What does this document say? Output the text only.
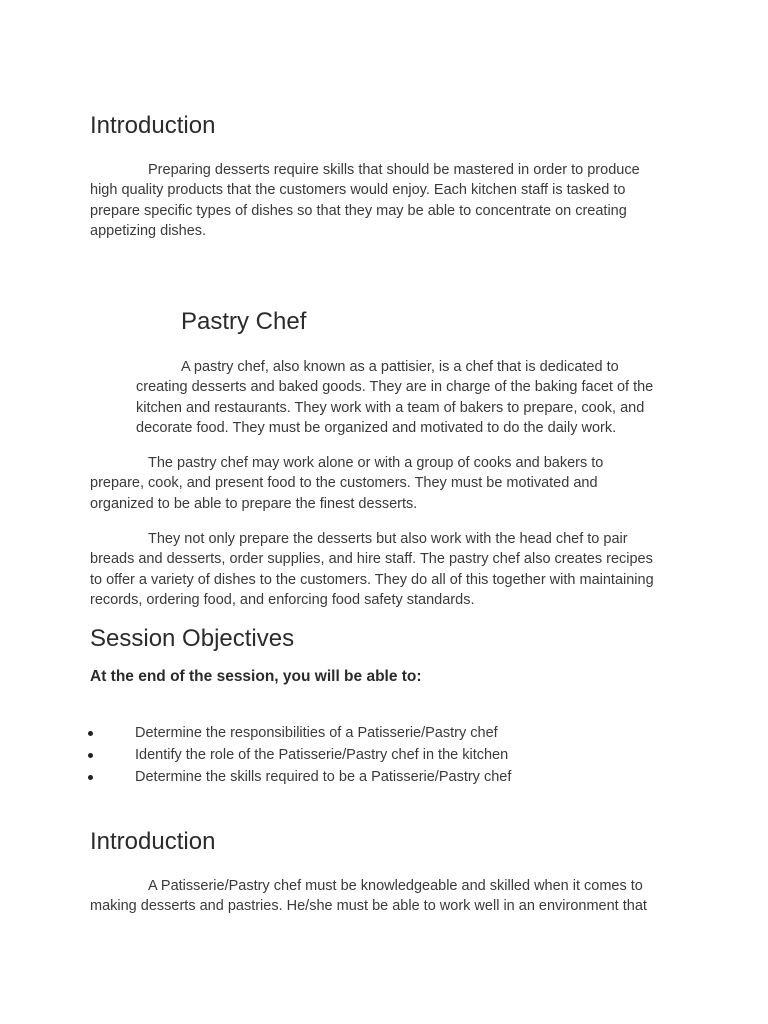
Introduction
Preparing desserts require skills that should be mastered in order to produce
high quality products that the customers would enjoy. Each kitchen staff is tasked to
prepare specific types of dishes so that they may be able to concentrate on creating
appetizing dishes.
Pastry Chef
A pastry chef, also known as a pattisier, is a chef that is dedicated to
creating desserts and baked goods. They are in charge of the baking facet of the
kitchen and restaurants. They work with a team of bakers to prepare, cook, and
decorate food. They must be organized and motivated to do the daily work.
The pastry chef may work alone or with a group of cooks and bakers to
prepare, cook, and present food to the customers. They must be motivated and
organized to be able to prepare the finest desserts.
They not only prepare the desserts but also work with the head chef to pair
breads and desserts, order supplies, and hire staff. The pastry chef also creates recipes
to offer a variety of dishes to the customers. They do all of this together with maintaining
records, ordering food, and enforcing food safety standards.
Session Objectives

At the end of the session, you will be able to:

Determine the responsibilities of a Patisserie/Pastry chef
Identify the role of the Patisserie/Pastry chef in the kitchen
Determine the skills required to be a Patisserie/Pastry chef
Introduction
A Patisserie/Pastry chef must be knowledgeable and skilled when it comes to
making desserts and pastries. He/she must be able to work well in an environment that
